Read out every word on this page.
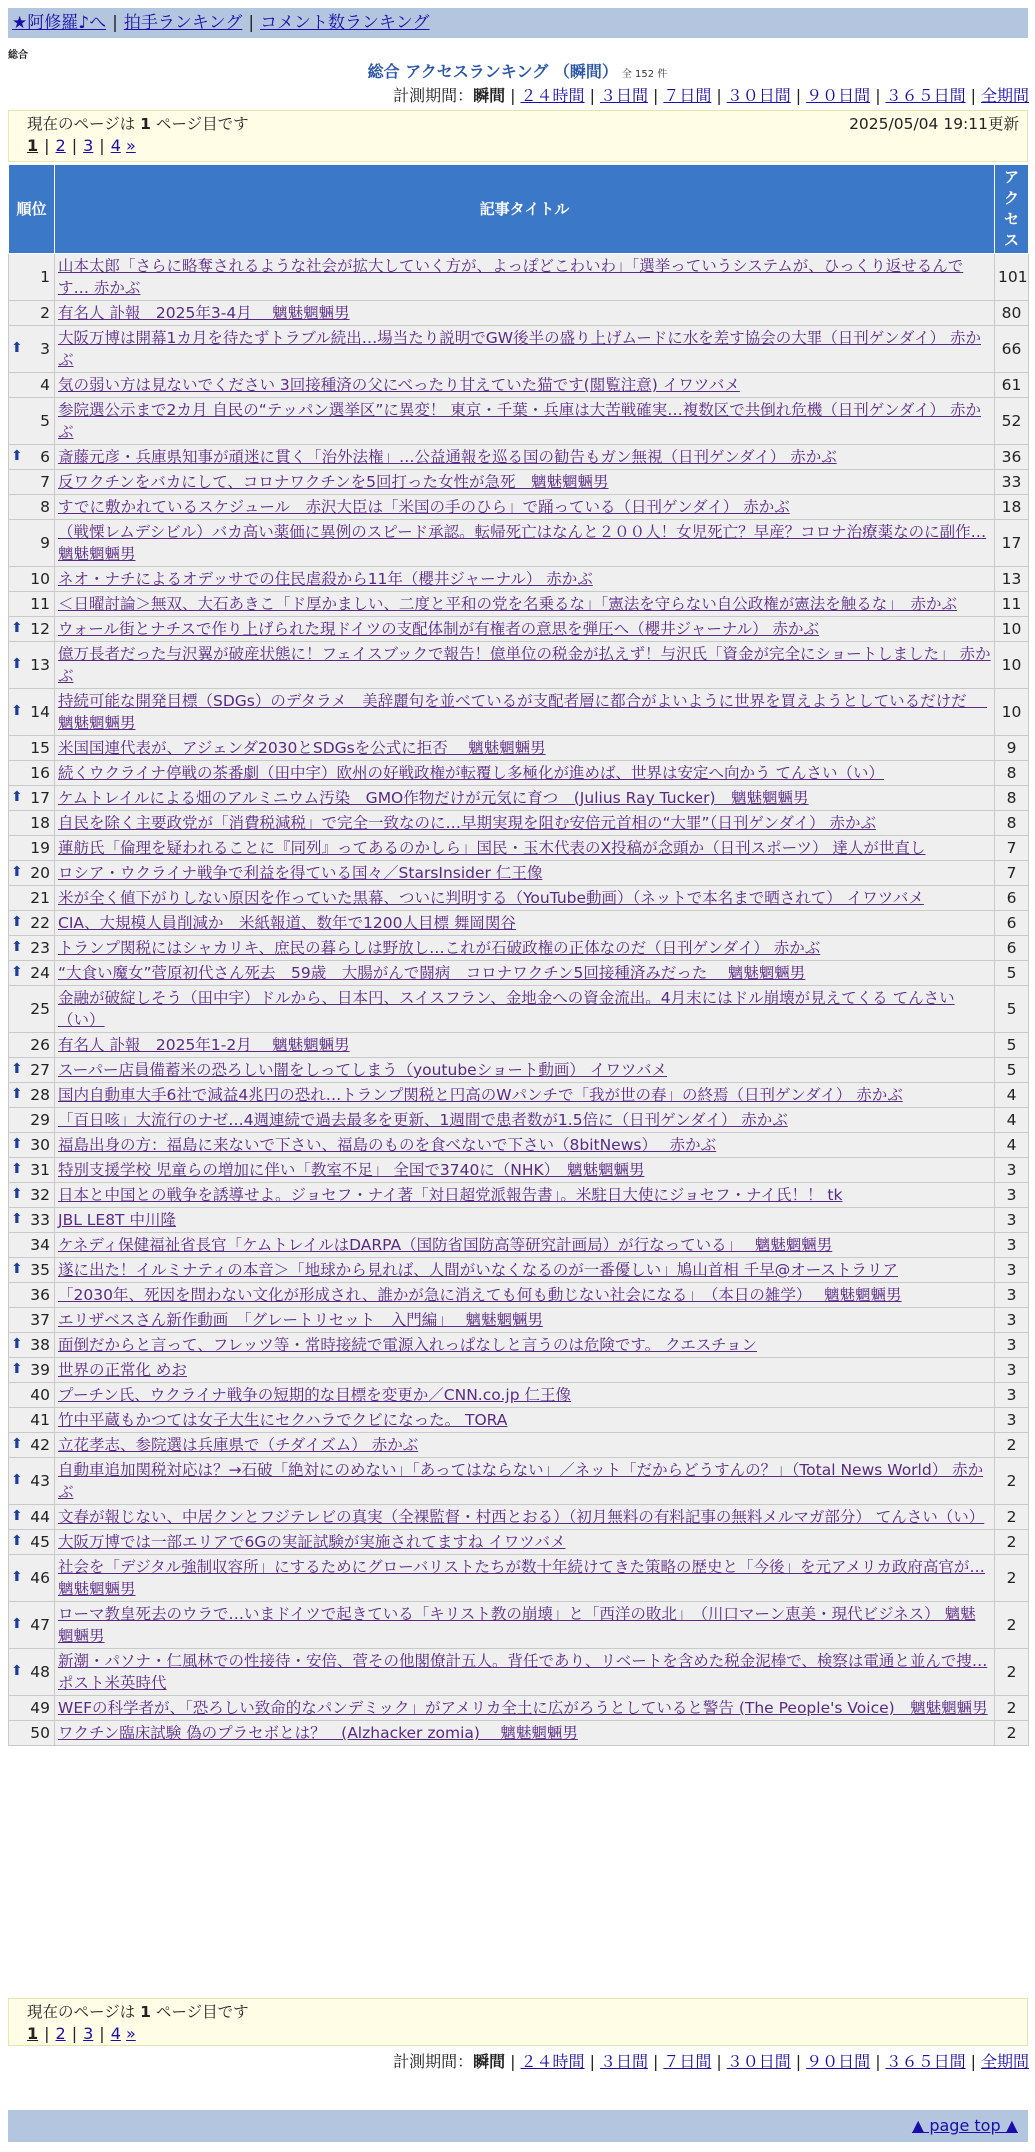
★阿修羅♪へ | 拍手ランキング | コメント数ランキング
総合
総合 アクセスランキング （瞬間） 全 152 件
計測期間：瞬間 | ２４時間 | ３日間 | ７日間 | ３０日間 | ９０日間 | ３６５日間 | 全期間
現在のページは 1 ページ目です	2025/05/04 19:11更新
1 | 2 | 3 | 4 »
順位	記事タイトル	アクセス
1	山本太郎「さらに略奪されるような社会が拡大していく方が、よっぽどこわいわ」「選挙っていうシステムが、ひっくり返せるんです… 赤かぶ	101
2	有名人 訃報　2025年3-4月　 魑魅魍魎男	80

⬆ 3	大阪万博は開幕1カ月を待たずトラブル続出…場当たり説明でGW後半の盛り上げムードに水を差す協会の大罪（日刊ゲンダイ） 赤かぶ	66
4	気の弱い方は見ないでください 3回接種済の父にべったり甘えていた猫です(閲覧注意) イワツバメ	61
5	参院選公示まで2カ月 自民の“テッパン選挙区”に異変！ 東京・千葉・兵庫は大苦戦確実…複数区で共倒れ危機（日刊ゲンダイ） 赤かぶ	52

⬆ 6	斎藤元彦・兵庫県知事が頑迷に貫く「治外法権」…公益通報を巡る国の勧告もガン無視（日刊ゲンダイ） 赤かぶ	36
7	反ワクチンをバカにして、コロナワクチンを5回打った女性が急死　魑魅魍魎男	33
8	すでに敷かれているスケジュール　赤沢大臣は「米国の手のひら」で踊っている（日刊ゲンダイ） 赤かぶ	18
9	（戦慄レムデシビル）バカ高い薬価に異例のスピード承認。転帰死亡はなんと２００人！女児死亡？早産？コロナ治療薬なのに副作… 魑魅魍魎男	17
10	ネオ・ナチによるオデッサでの住民虐殺から11年（櫻井ジャーナル） 赤かぶ	13
11	＜日曜討論＞無双、大石あきこ「ド厚かましい、二度と平和の党を名乗るな」「憲法を守らない自公政権が憲法を触るな」　赤かぶ	11

⬆ 12	ウォール街とナチスで作り上げられた現ドイツの支配体制が有権者の意思を弾圧へ（櫻井ジャーナル） 赤かぶ	10

⬆ 13	億万長者だった与沢翼が破産状態に！フェイスブックで報告！億単位の税金が払えず！与沢氏「資金が完全にショートしました」 赤かぶ	10

⬆ 14	持続可能な開発目標（SDGs）のデタラメ　美辞麗句を並べているが支配者層に都合がよいように世界を買えようとしているだけだ　 魑魅魍魎男	10
15	米国国連代表が、アジェンダ2030とSDGsを公式に拒否　 魑魅魍魎男	9
16	続くウクライナ停戦の茶番劇（田中宇）欧州の好戦政権が転覆し多極化が進めば、世界は安定へ向かう てんさい（い）	8

⬆ 17	ケムトレイルによる畑のアルミニウム汚染　GMO作物だけが元気に育つ　(Julius Ray Tucker)　魑魅魍魎男	8
18	自民を除く主要政党が「消費税減税」で完全一致なのに…早期実現を阻む安倍元首相の“大罪”（日刊ゲンダイ） 赤かぶ	8
19	蓮舫氏「倫理を疑われることに『同列』ってあるのかしら」国民・玉木代表のX投稿が念頭か（日刊スポーツ） 達人が世直し	7

⬆ 20	ロシア・ウクライナ戦争で利益を得ている国々／StarsInsider 仁王像	7
21	米が全く値下がりしない原因を作っていた黒幕、ついに判明する（YouTube動画）（ネットで本名まで晒されて） イワツバメ	6

⬆ 22	CIA、大規模人員削減か　米紙報道、数年で1200人目標 舞岡関谷	6

⬆ 23	トランプ関税にはシャカリキ、庶民の暮らしは野放し…これが石破政権の正体なのだ（日刊ゲンダイ） 赤かぶ	6

⬆ 24	“大食い魔女”菅原初代さん死去　59歳　大腸がんで闘病　コロナワクチン5回接種済みだった　 魑魅魍魎男	5
25	金融が破綻しそう（田中宇）ドルから、日本円、スイスフラン、金地金への資金流出。4月末にはドル崩壊が見えてくる てんさい（い）	5
26	有名人 訃報　2025年1-2月　 魑魅魍魎男	5

⬆ 27	スーパー店員備蓄米の恐ろしい闇をしってしまう（youtubeショート動画） イワツバメ	5

⬆ 28	国内自動車大手6社で減益4兆円の恐れ…トランプ関税と円高のWパンチで「我が世の春」の終焉（日刊ゲンダイ） 赤かぶ	4
29	「百日咳」大流行のナゼ…4週連続で過去最多を更新、1週間で患者数が1.5倍に（日刊ゲンダイ） 赤かぶ	4

⬆ 30	福島出身の方：福島に来ないで下さい、福島のものを食べないで下さい（8bitNews）　 赤かぶ	4

⬆ 31	特別支援学校 児童らの増加に伴い「教室不足」 全国で3740に（NHK）　魑魅魍魎男	3

⬆ 32	日本と中国との戦争を誘導せよ。ジョセフ・ナイ著「対日超党派報告書」。米駐日大使にジョセフ・ナイ氏！！ tk	3

⬆ 33	JBL LE8T 中川隆	3
34	ケネディ保健福祉省長官「ケムトレイルはDARPA（国防省国防高等研究計画局）が行なっている」　 魑魅魍魎男	3

⬆ 35	遂に出た！イルミナティの本音＞「地球から見れば、人間がいなくなるのが一番優しい」鳩山首相 千早@オーストラリア	3
36	「2030年、死因を問わない文化が形成され、誰かが急に消えても何も動じない社会になる」　（本日の雑学）　 魑魅魍魎男	3
37	エリザベスさん新作動画　「グレートリセット　入門編」　 魑魅魍魎男	3

⬆ 38	面倒だからと言って、フレッツ等・常時接続で電源入れっぱなしと言うのは危険です。 クエスチョン	3

⬆ 39	世界の正常化 めお	3
40	プーチン氏、ウクライナ戦争の短期的な目標を変更か／CNN.co.jp 仁王像	3
41	竹中平蔵もかつては女子大生にセクハラでクビになった。 TORA	3

⬆ 42	立花孝志、参院選は兵庫県で（チダイズム） 赤かぶ	2

⬆ 43	自動車追加関税対応は？→石破「絶対にのめない」「あってはならない」／ネット「だからどうすんの？」（Total News World） 赤かぶ	2

⬆ 44	文春が報じない、中居クンとフジテレビの真実（全裸監督・村西とおる）（初月無料の有料記事の無料メルマガ部分） てんさい（い）	2

⬆ 45	大阪万博では一部エリアで6Gの実証試験が実施されてますね イワツバメ	2

⬆ 46	社会を「デジタル強制収容所」にするためにグローバリストたちが数十年続けてきた策略の歴史と「今後」を元アメリカ政府高官が… 魑魅魍魎男	2

⬆ 47	ローマ教皇死去のウラで…いまドイツで起きている「キリスト教の崩壊」と「西洋の敗北」　（川口マーン恵美・現代ビジネス） 魑魅魍魎男	2

⬆ 48	新潮・パソナ・仁風林での性接待・安倍、菅その他閣僚計五人。背任であり、リベートを含めた税金泥棒で、検察は電通と並んで捜… ポスト米英時代	2
49	WEFの科学者が、「恐ろしい致命的なパンデミック」がアメリカ全土に広がろうとしていると警告 (The People's Voice)　魑魅魍魎男	2
50	ワクチン臨床試験 偽のプラセボとは？　(Alzhacker zomia)　 魑魅魍魎男	2
現在のページは 1 ページ目です
1 | 2 | 3 | 4 »
計測期間：瞬間 | ２４時間 | ３日間 | ７日間 | ３０日間 | ９０日間 | ３６５日間 | 全期間
▲ page top ▲
